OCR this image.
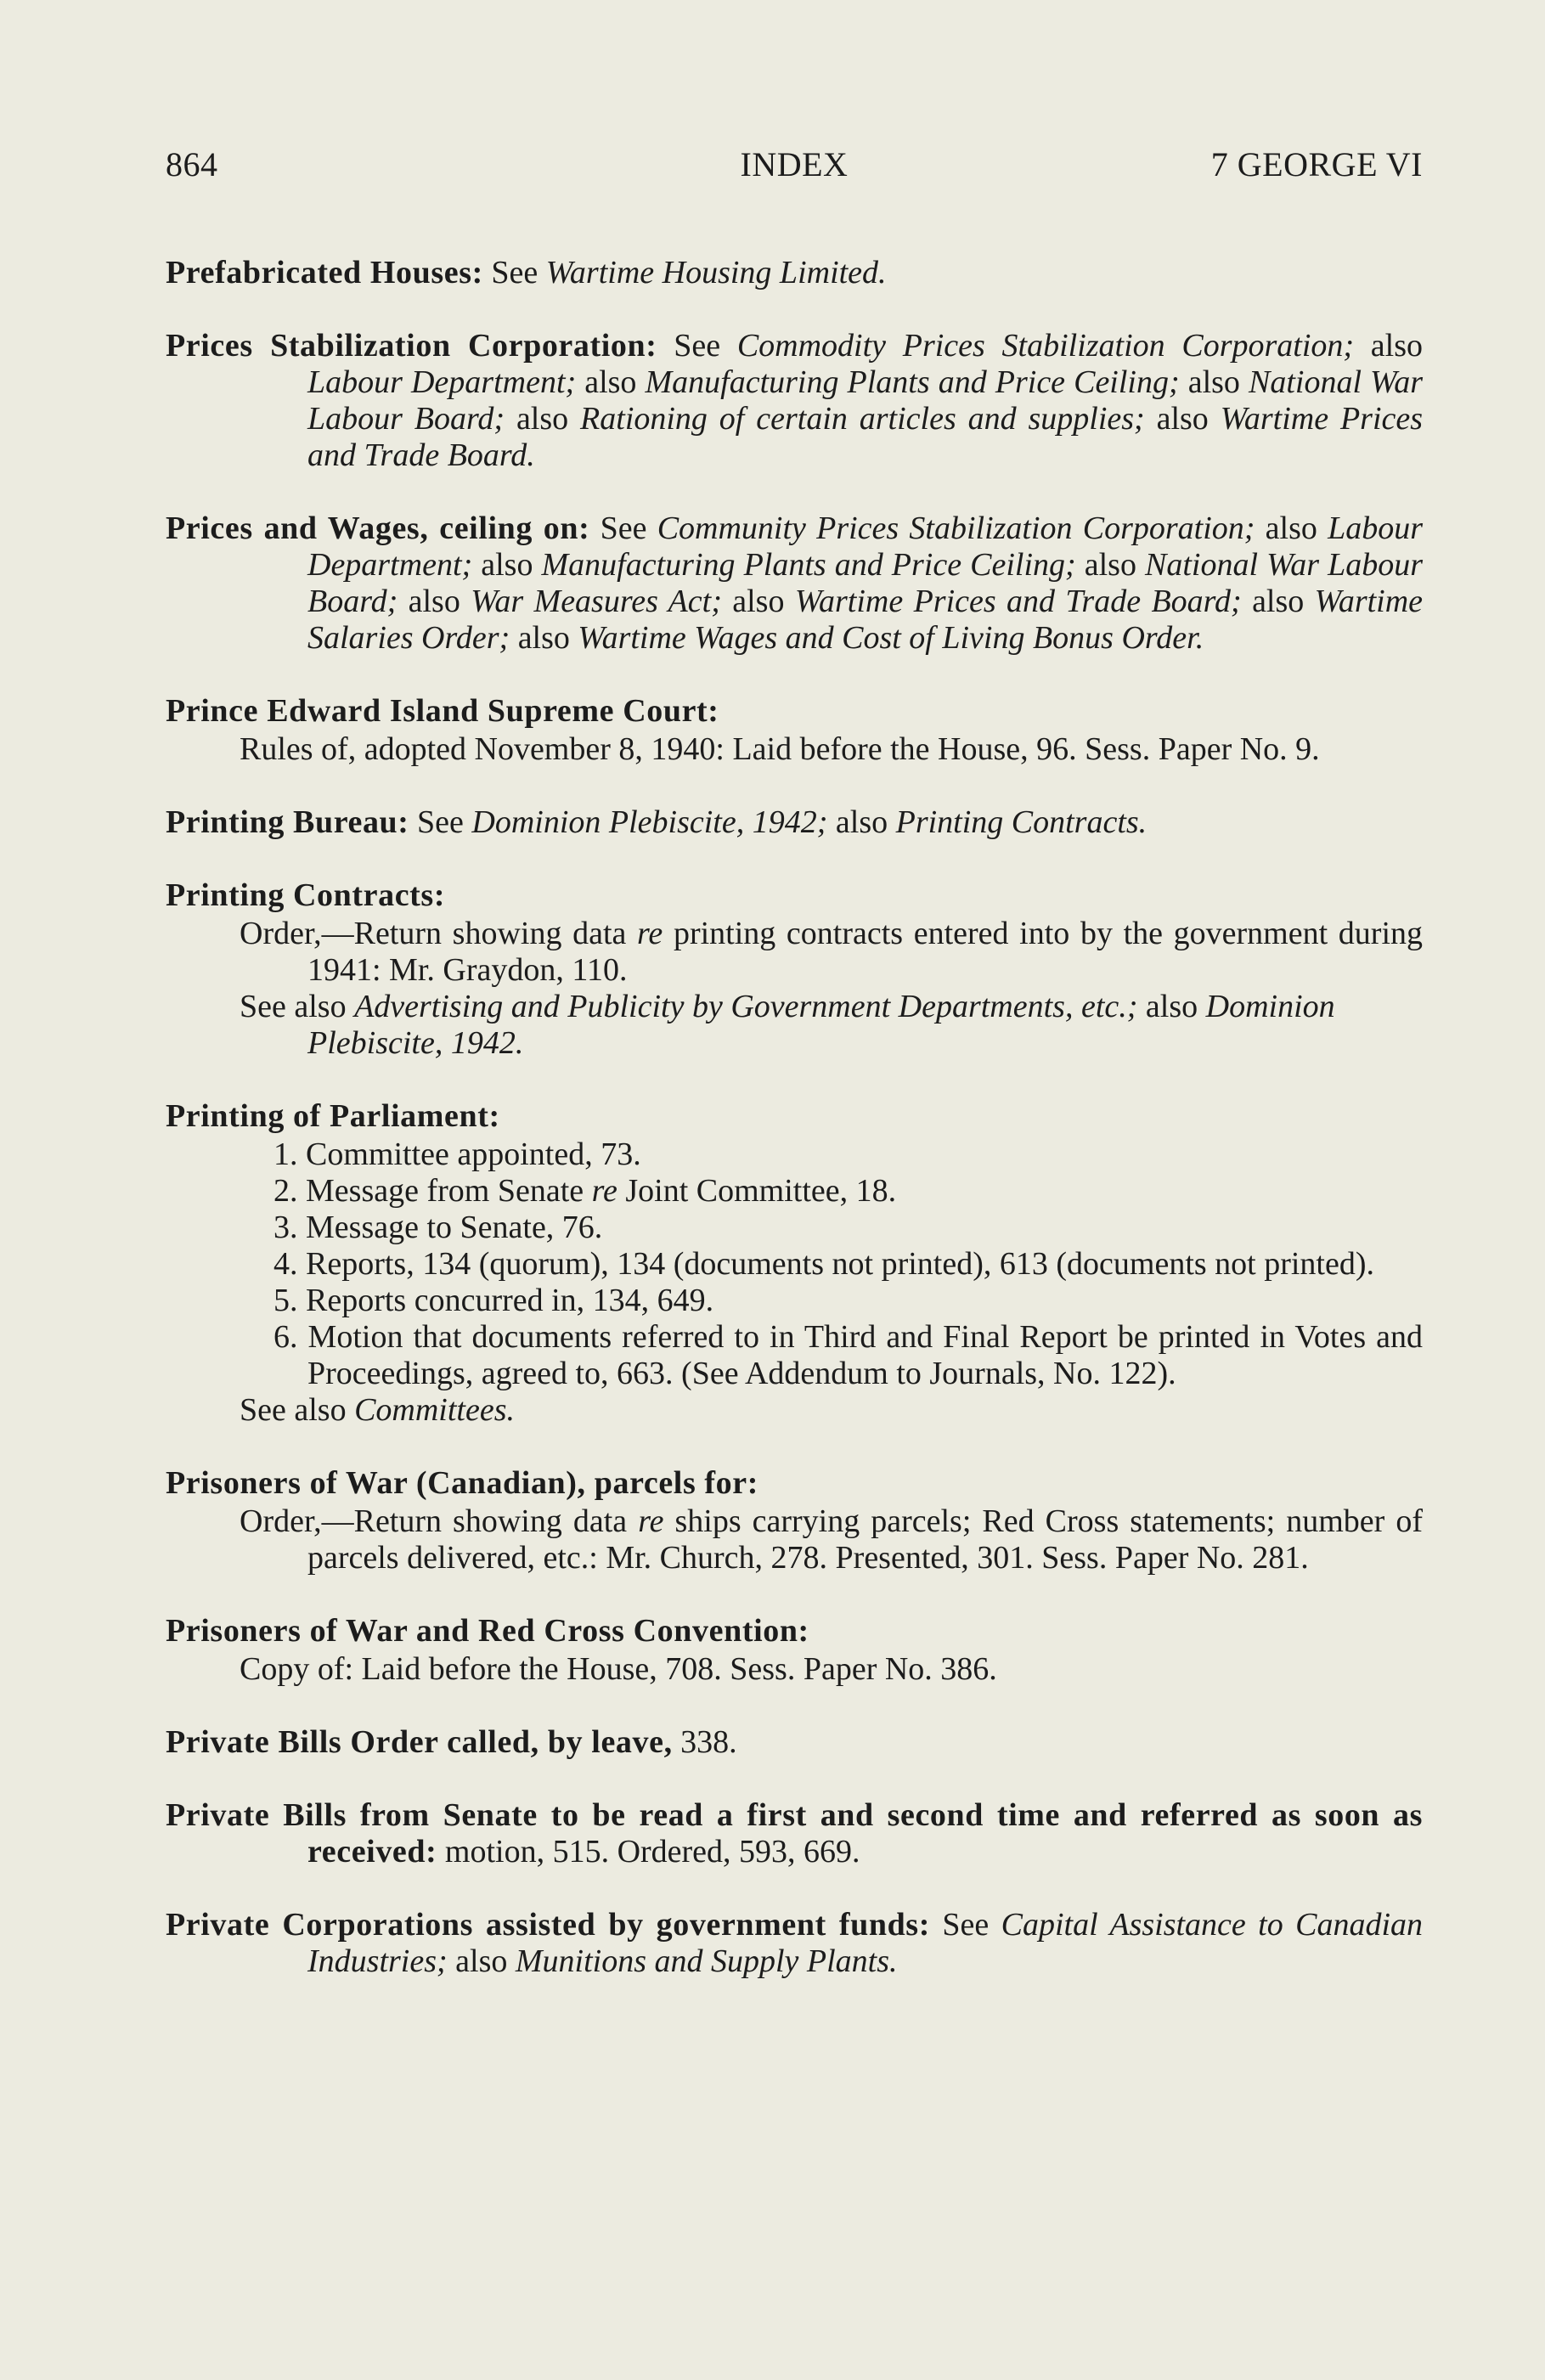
864	INDEX	7 GEORGE VI
Prefabricated Houses: See Wartime Housing Limited.
Prices Stabilization Corporation: See Commodity Prices Stabilization Corporation; also Labour Department; also Manufacturing Plants and Price Ceiling; also National War Labour Board; also Rationing of certain articles and supplies; also Wartime Prices and Trade Board.
Prices and Wages, ceiling on: See Community Prices Stabilization Corporation; also Labour Department; also Manufacturing Plants and Price Ceiling; also National War Labour Board; also War Measures Act; also Wartime Prices and Trade Board; also Wartime Salaries Order; also Wartime Wages and Cost of Living Bonus Order.
Prince Edward Island Supreme Court:
Rules of, adopted November 8, 1940: Laid before the House, 96. Sess. Paper No. 9.
Printing Bureau: See Dominion Plebiscite, 1942; also Printing Contracts.
Printing Contracts:
Order,—Return showing data re printing contracts entered into by the government during 1941: Mr. Graydon, 110.
See also Advertising and Publicity by Government Departments, etc.; also Dominion Plebiscite, 1942.
Printing of Parliament:
1. Committee appointed, 73.
2. Message from Senate re Joint Committee, 18.
3. Message to Senate, 76.
4. Reports, 134 (quorum), 134 (documents not printed), 613 (documents not printed).
5. Reports concurred in, 134, 649.
6. Motion that documents referred to in Third and Final Report be printed in Votes and Proceedings, agreed to, 663. (See Addendum to Journals, No. 122).
See also Committees.
Prisoners of War (Canadian), parcels for:
Order,—Return showing data re ships carrying parcels; Red Cross statements; number of parcels delivered, etc.: Mr. Church, 278. Presented, 301. Sess. Paper No. 281.
Prisoners of War and Red Cross Convention:
Copy of: Laid before the House, 708. Sess. Paper No. 386.
Private Bills Order called, by leave, 338.
Private Bills from Senate to be read a first and second time and referred as soon as received: motion, 515. Ordered, 593, 669.
Private Corporations assisted by government funds: See Capital Assistance to Canadian Industries; also Munitions and Supply Plants.
